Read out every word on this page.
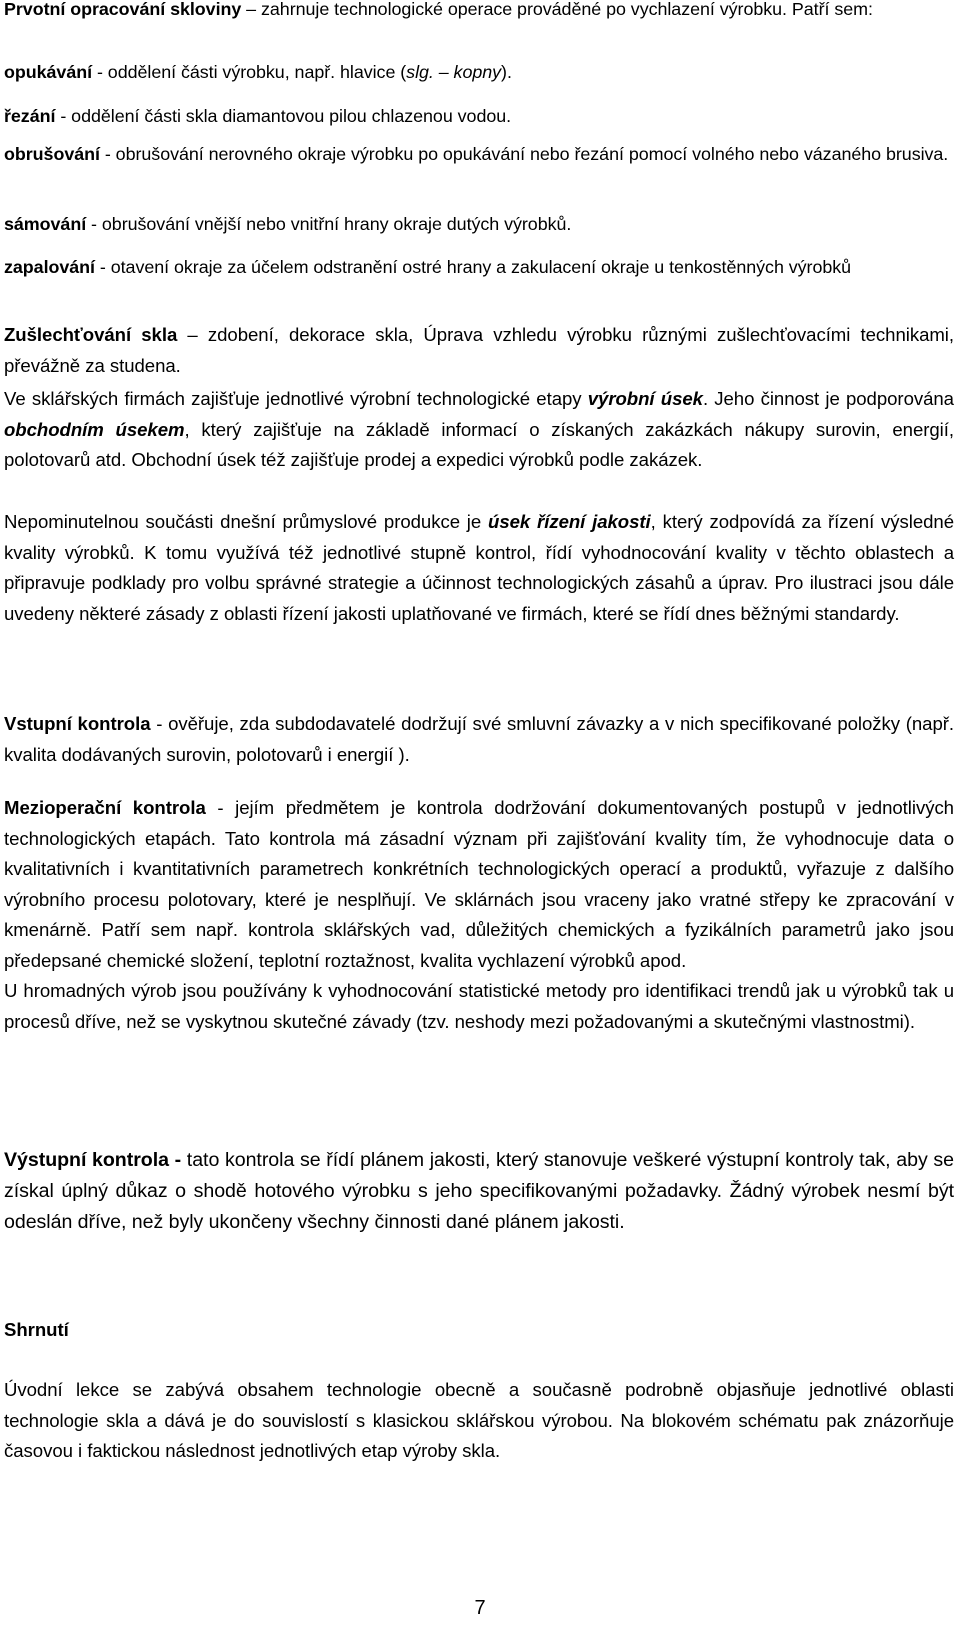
Prvotní opracování skloviny – zahrnuje technologické operace prováděné po vychlazení výrobku. Patří sem:

opukávání - oddělení části výrobku, např. hlavice (slg. – kopny).

řezání - oddělení části skla diamantovou pilou chlazenou vodou.

obrušování - obrušování nerovného okraje výrobku po opukávání nebo řezání pomocí volného nebo vázaného brusiva.

sámování - obrušování vnější nebo vnitřní hrany okraje dutých výrobků.

zapalování - otavení okraje za účelem odstranění ostré hrany a zakulacení okraje u tenkostěnných výrobků

Zušlechťování skla – zdobení, dekorace skla, Úprava vzhledu výrobku různými zušlechťovacími technikami, převážně za studena.

Ve sklářských firmách zajišťuje jednotlivé výrobní technologické etapy výrobní úsek. Jeho činnost je podporována obchodním úsekem, který zajišťuje na základě informací o získaných zakázkách nákupy surovin, energií, polotovarů atd. Obchodní úsek též zajišťuje prodej a expedici výrobků podle zakázek.

Nepominutelnou součásti dnešní průmyslové produkce je úsek řízení jakosti, který zodpovídá za řízení výsledné kvality výrobků. K tomu využívá též jednotlivé stupně kontrol, řídí vyhodnocování kvality v těchto oblastech a připravuje podklady pro volbu správné strategie a účinnost technologických zásahů a úprav. Pro ilustraci jsou dále uvedeny některé zásady z oblasti řízení jakosti uplatňované ve firmách, které se řídí dnes běžnými standardy.

Vstupní kontrola - ověřuje, zda subdodavatelé dodržují své smluvní závazky a v nich specifikované položky (např. kvalita dodávaných surovin, polotovarů i energií ).

Mezioperační kontrola - jejím předmětem je kontrola dodržování dokumentovaných postupů v jednotlivých technologických etapách. Tato kontrola má zásadní význam při zajišťování kvality tím, že vyhodnocuje data o kvalitativních i kvantitativních parametrech konkrétních technologických operací a produktů, vyřazuje z dalšího výrobního procesu polotovary, které je nesplňují. Ve sklárnách jsou vraceny jako vratné střepy ke zpracování v kmenárně. Patří sem např. kontrola sklářských vad, důležitých chemických a fyzikálních parametrů jako jsou předepsané chemické složení, teplotní roztažnost, kvalita vychlazení výrobků apod.
U hromadných výrob jsou používány k vyhodnocování statistické metody pro identifikaci trendů jak u výrobků tak u procesů dříve, než se vyskytnou skutečné závady (tzv. neshody mezi požadovanými a skutečnými vlastnostmi).

Výstupní kontrola - tato kontrola se řídí plánem jakosti, který stanovuje veškeré výstupní kontroly tak, aby se získal úplný důkaz o shodě hotového výrobku s jeho specifikovanými požadavky. Žádný výrobek nesmí být odeslán dříve, než byly ukončeny všechny činnosti dané plánem jakosti.

Shrnutí

Úvodní lekce se zabývá obsahem technologie obecně a současně podrobně objasňuje jednotlivé oblasti technologie skla a dává je do souvislostí s klasickou sklářskou výrobou. Na blokovém schématu pak znázorňuje časovou i faktickou následnost jednotlivých etap výroby skla.

7
